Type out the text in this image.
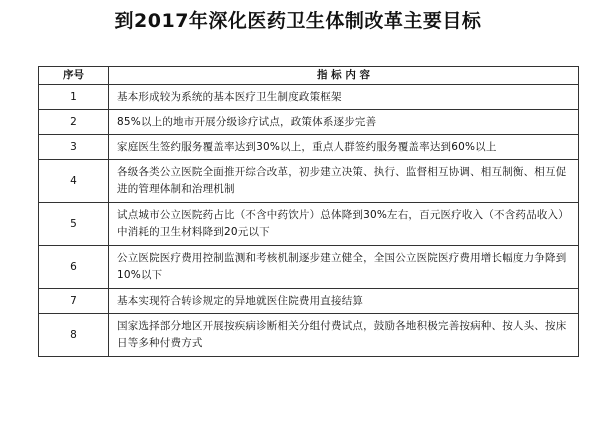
到2017年深化医药卫生体制改革主要目标
序号	指 标 内 容
1	基本形成较为系统的基本医疗卫生制度政策框架
2	85%以上的地市开展分级诊疗试点，政策体系逐步完善
3	家庭医生签约服务覆盖率达到30%以上，重点人群签约服务覆盖率达到60%以上
4	各级各类公立医院全面推开综合改革，初步建立决策、执行、监督相互协调、相互制衡、相互促进的管理体制和治理机制
5	试点城市公立医院药占比（不含中药饮片）总体降到30%左右，百元医疗收入（不含药品收入）中消耗的卫生材料降到20元以下
6	公立医院医疗费用控制监测和考核机制逐步建立健全，全国公立医院医疗费用增长幅度力争降到10%以下
7	基本实现符合转诊规定的异地就医住院费用直接结算
8	国家选择部分地区开展按疾病诊断相关分组付费试点，鼓励各地积极完善按病种、按人头、按床日等多种付费方式
